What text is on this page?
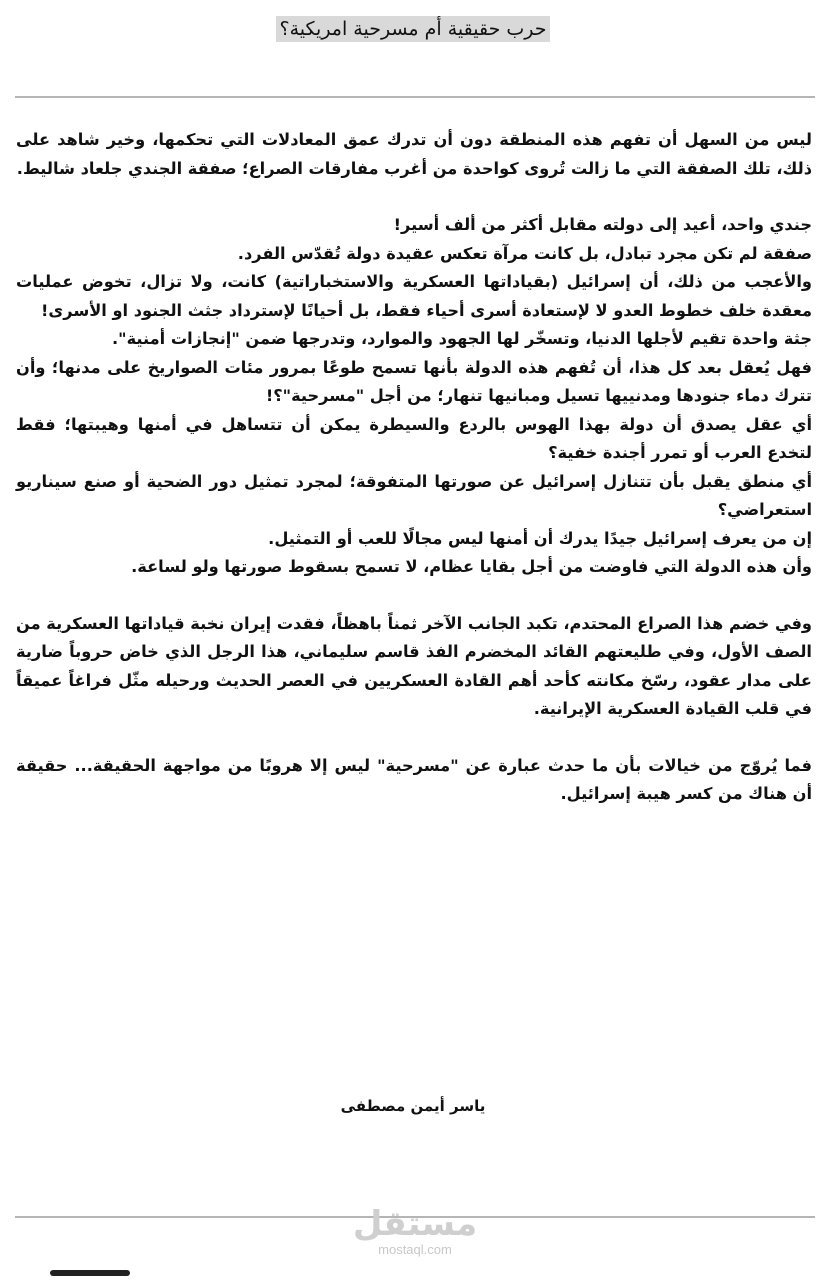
حرب حقيقية أم مسرحية امريكية؟

ليس من السهل أن تفهم هذه المنطقة دون أن تدرك عمق المعادلات التي تحكمها، وخير شاهد على ذلك، تلك الصفقة التي ما زالت تُروى كواحدة من أغرب مفارقات الصراع؛ صفقة الجندي جلعاد شاليط.

جندي واحد، أعيد إلى دولته مقابل أكثر من ألف أسير!

صفقة لم تكن مجرد تبادل، بل كانت مرآة تعكس عقيدة دولة تُقدّس الفرد.

والأعجب من ذلك، أن إسرائيل (بقياداتها العسكرية والاستخباراتية) كانت، ولا تزال، تخوض عمليات معقدة خلف خطوط العدو لا لإستعادة أسرى أحياء فقط، بل أحيانًا لإسترداد جثث الجنود او الأسرى!

جثة واحدة تقيم لأجلها الدنيا، وتسخّر لها الجهود والموارد، وتدرجها ضمن "إنجازات أمنية".

فهل يُعقل بعد كل هذا، أن تُفهم هذه الدولة بأنها تسمح طوعًا بمرور مئات الصواريخ على مدنها؛ وأن تترك دماء جنودها ومدنييها تسيل ومبانيها تنهار؛ من أجل "مسرحية"؟!

أي عقل يصدق أن دولة بهذا الهوس بالردع والسيطرة يمكن أن تتساهل في أمنها وهيبتها؛ فقط لتخدع العرب أو تمرر أجندة خفية؟

أي منطق يقبل بأن تتنازل إسرائيل عن صورتها المتفوقة؛ لمجرد تمثيل دور الضحية أو صنع سيناريو استعراضي؟

إن من يعرف إسرائيل جيدًا يدرك أن أمنها ليس مجالًا للعب أو التمثيل.

وأن هذه الدولة التي فاوضت من أجل بقايا عظام، لا تسمح بسقوط صورتها ولو لساعة.

وفي خضم هذا الصراع المحتدم، تكبد الجانب الآخر ثمناً باهظاً، فقدت إيران نخبة قياداتها العسكرية من الصف الأول، وفي طليعتهم القائد المخضرم الفذ قاسم سليماني، هذا الرجل الذي خاض حروباً ضارية على مدار عقود، رسّخ مكانته كأحد أهم القادة العسكريين في العصر الحديث ورحيله مثّل فراغاً عميقاً في قلب القيادة العسكرية الإيرانية.

فما يُروّج من خيالات بأن ما حدث عبارة عن "مسرحية" ليس إلا هروبًا من مواجهة الحقيقة... حقيقة أن هناك من كسر هيبة إسرائيل.

ياسر أيمن مصطفى
مستقل
mostaql.com
